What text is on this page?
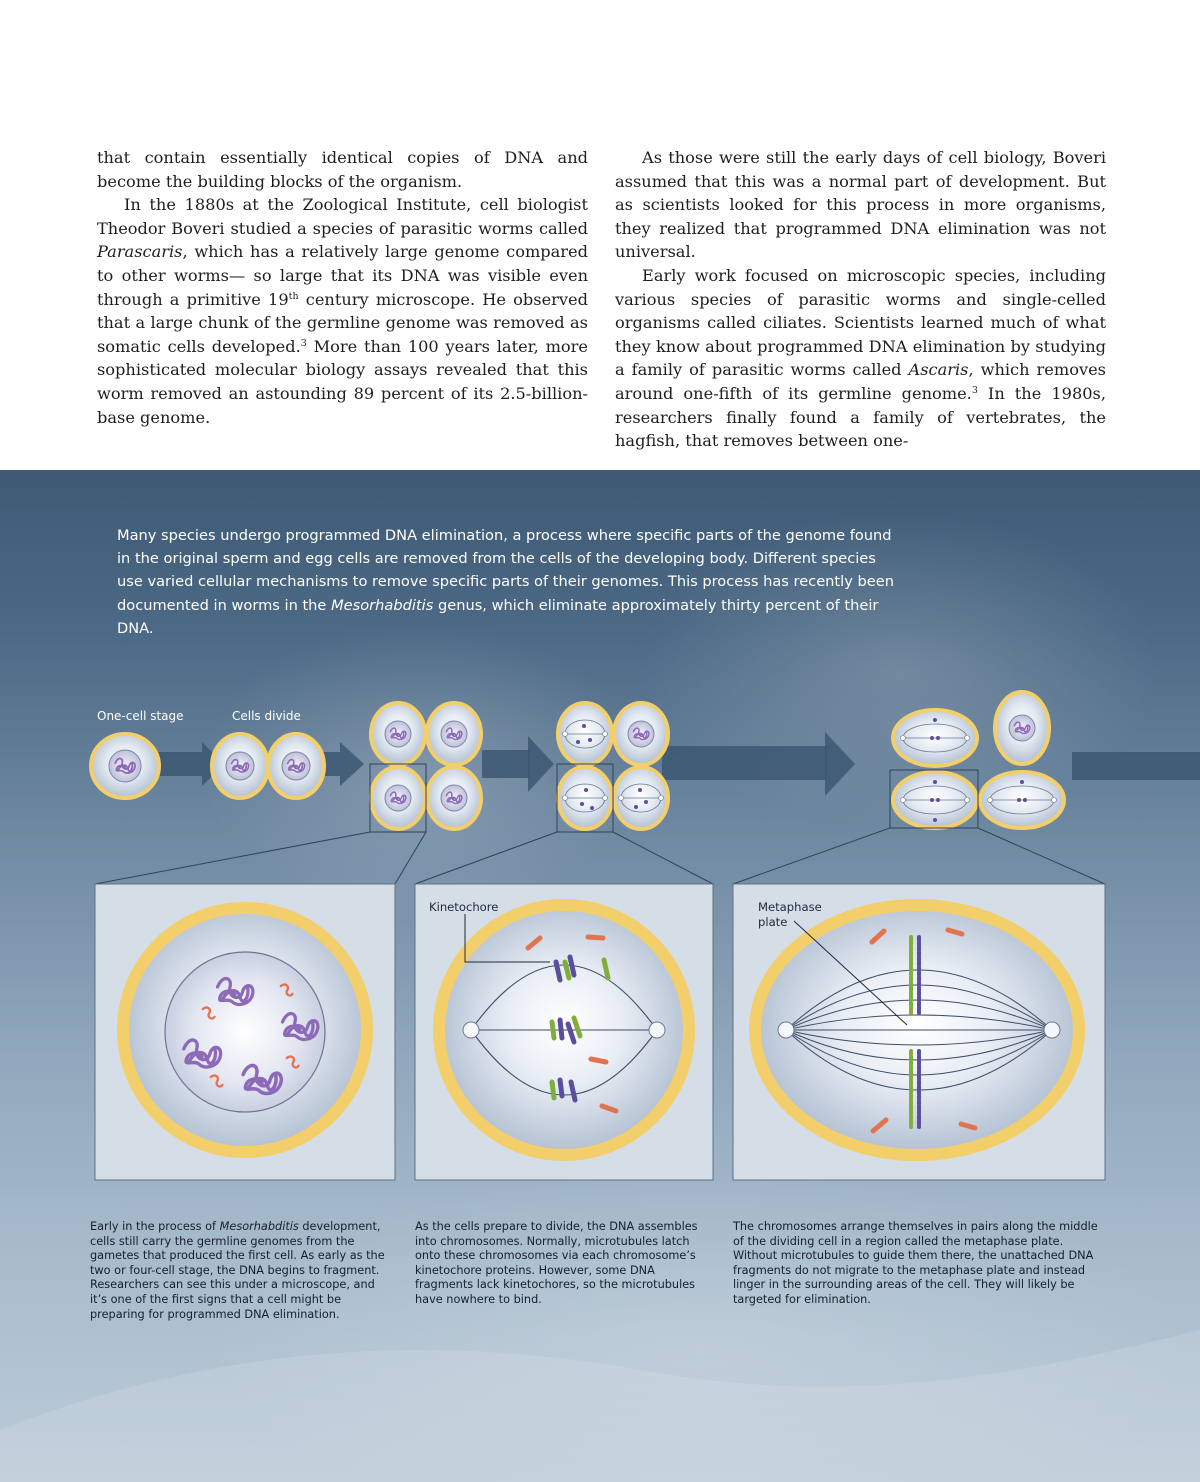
that contain essentially identical copies of DNA and become the building blocks of the organism.

In the 1880s at the Zoological Institute, cell biologist Theodor Boveri studied a species of parasitic worms called Parascaris, which has a relatively large genome compared to other worms— so large that its DNA was visible even through a primitive 19th century microscope. He observed that a large chunk of the germline genome was removed as somatic cells developed.$^3$ More than 100 years later, more sophisticated molecular biology assays revealed that this worm removed an astounding 89 percent of its 2.5-billion-base genome.

As those were still the early days of cell biology, Boveri assumed that this was a normal part of development. But as scientists looked for this process in more organisms, they realized that programmed DNA elimination was not universal.

Early work focused on microscopic species, including various species of parasitic worms and single-celled organisms called ciliates. Scientists learned much of what they know about programmed DNA elimination by studying a family of parasitic worms called Ascaris, which removes around one-fifth of its germline genome.$^3$ In the 1980s, researchers finally found a family of vertebrates, the hagfish, that removes between one-

Many species undergo programmed DNA elimination, a process where specific parts of the genome found in the original sperm and egg cells are removed from the cells of the developing body. Different species use varied cellular mechanisms to remove specific parts of their genomes. This process has recently been documented in worms in the Mesorhabditis genus, which eliminate approximately thirty percent of their DNA.

One-cell stage	Cells divide
Kinetochore	Metaphase
plate

Early in the process of Mesorhabditis development, cells still carry the germline genomes from the gametes that produced the first cell. As early as the two or four-cell stage, the DNA begins to fragment. Researchers can see this under a microscope, and it’s one of the first signs that a cell might be preparing for programmed DNA elimination.

As the cells prepare to divide, the DNA assembles into chromosomes. Normally, microtubules latch onto these chromosomes via each chromosome’s kinetochore proteins. However, some DNA fragments lack kinetochores, so the microtubules have nowhere to bind.

The chromosomes arrange themselves in pairs along the middle of the dividing cell in a region called the metaphase plate. Without microtubules to guide them there, the unattached DNA fragments do not migrate to the metaphase plate and instead linger in the surrounding areas of the cell. They will likely be targeted for elimination.
